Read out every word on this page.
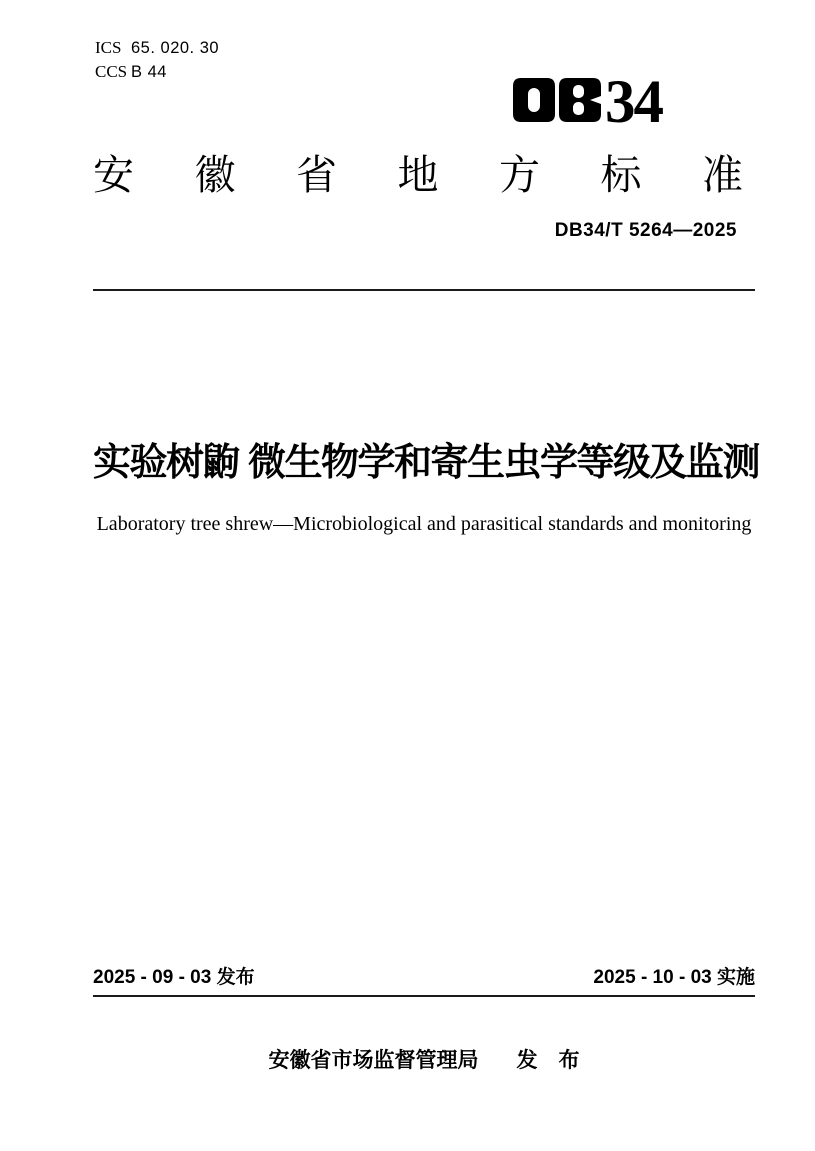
ICS 65. 020. 30
CCS B 44	34
安 徽 省 地 方 标 准
DB34/T 5264—2025
实验树鼩 微生物学和寄生虫学等级及监测
Laboratory tree shrew—Microbiological and parasitical standards and monitoring
2025 - 09 - 03 发布	2025 - 10 - 03 实施
安徽省市场监督管理局 发　布
